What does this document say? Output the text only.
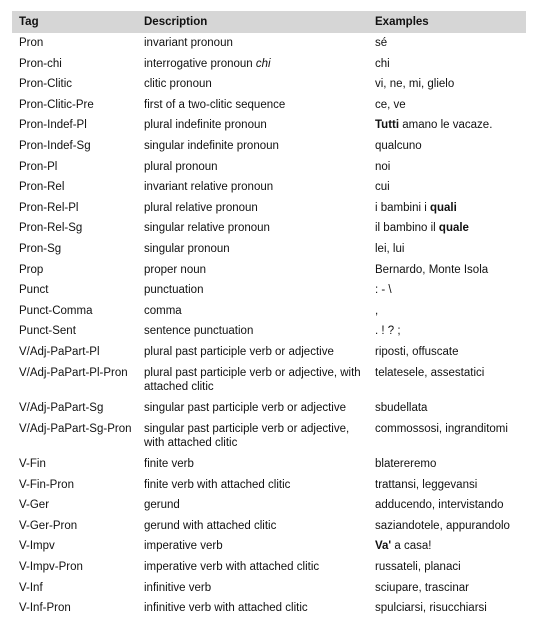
Tag	Description	Examples
Pron	invariant pronoun	sé
Pron-chi	interrogative pronoun chi	chi
Pron-Clitic	clitic pronoun	vi, ne, mi, glielo
Pron-Clitic-Pre	first of a two-clitic sequence	ce, ve
Pron-Indef-Pl	plural indefinite pronoun	Tutti amano le vacaze.
Pron-Indef-Sg	singular indefinite pronoun	qualcuno
Pron-Pl	plural pronoun	noi
Pron-Rel	invariant relative pronoun	cui
Pron-Rel-Pl	plural relative pronoun	i bambini i quali
Pron-Rel-Sg	singular relative pronoun	il bambino il quale
Pron-Sg	singular pronoun	lei, lui
Prop	proper noun	Bernardo, Monte Isola
Punct	punctuation	: - \
Punct-Comma	comma	,
Punct-Sent	sentence punctuation	. ! ? ;
V/Adj-PaPart-Pl	plural past participle verb or adjective	riposti, offuscate
V/Adj-PaPart-Pl-Pron	plural past participle verb or adjective, with attached clitic	telatesele, assestatici
V/Adj-PaPart-Sg	singular past participle verb or adjective	sbudellata
V/Adj-PaPart-Sg-Pron	singular past participle verb or adjective, with attached clitic	commossosi, ingranditomi
V-Fin	finite verb	blatereremo
V-Fin-Pron	finite verb with attached clitic	trattansi, leggevansi
V-Ger	gerund	adducendo, intervistando
V-Ger-Pron	gerund with attached clitic	saziandotele, appurandolo
V-Impv	imperative verb	Va' a casa!
V-Impv-Pron	imperative verb with attached clitic	russateli, planaci
V-Inf	infinitive verb	sciupare, trascinar
V-Inf-Pron	infinitive verb with attached clitic	spulciarsi, risucchiarsi
